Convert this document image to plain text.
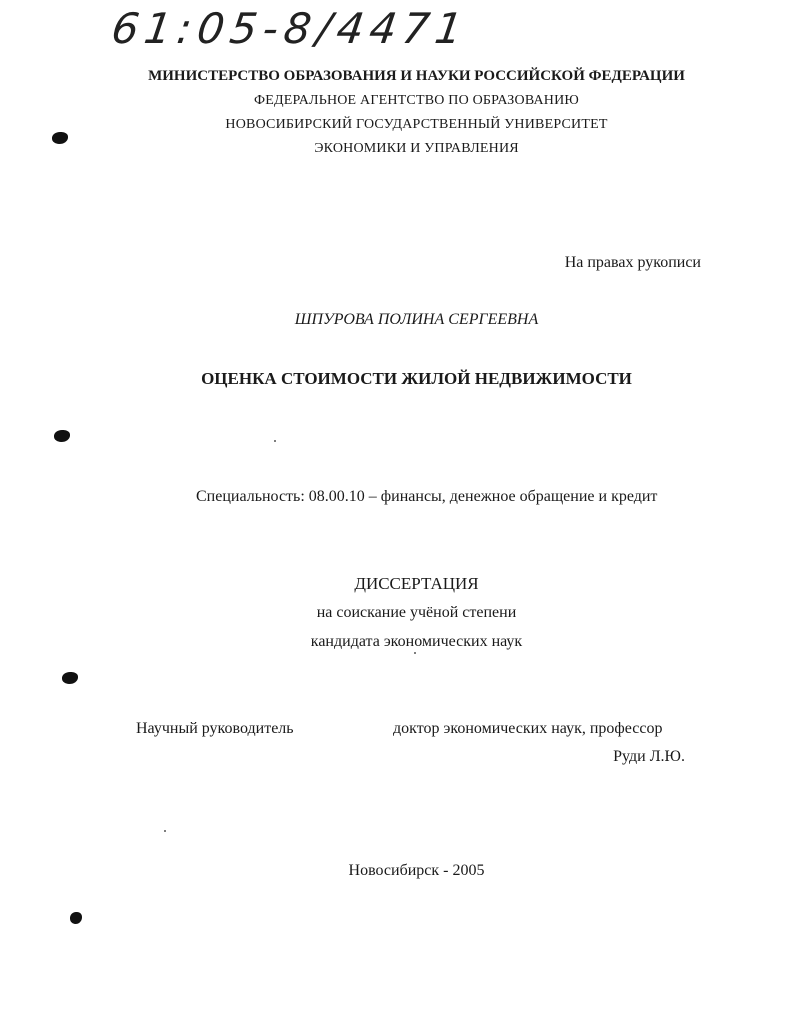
61:05-8/4471
МИНИСТЕРСТВО ОБРАЗОВАНИЯ И НАУКИ РОССИЙСКОЙ ФЕДЕРАЦИИ
ФЕДЕРАЛЬНОЕ АГЕНТСТВО ПО ОБРАЗОВАНИЮ
НОВОСИБИРСКИЙ ГОСУДАРСТВЕННЫЙ УНИВЕРСИТЕТ
ЭКОНОМИКИ И УПРАВЛЕНИЯ
На правах рукописи
ШПУРОВА ПОЛИНА СЕРГЕЕВНА
ОЦЕНКА СТОИМОСТИ ЖИЛОЙ НЕДВИЖИМОСТИ
Специальность: 08.00.10 – финансы, денежное обращение и кредит
ДИССЕРТАЦИЯ
на соискание учёной степени
кандидата экономических наук
Научный руководитель	доктор экономических наук, профессор
Руди Л.Ю.
Новосибирск - 2005
